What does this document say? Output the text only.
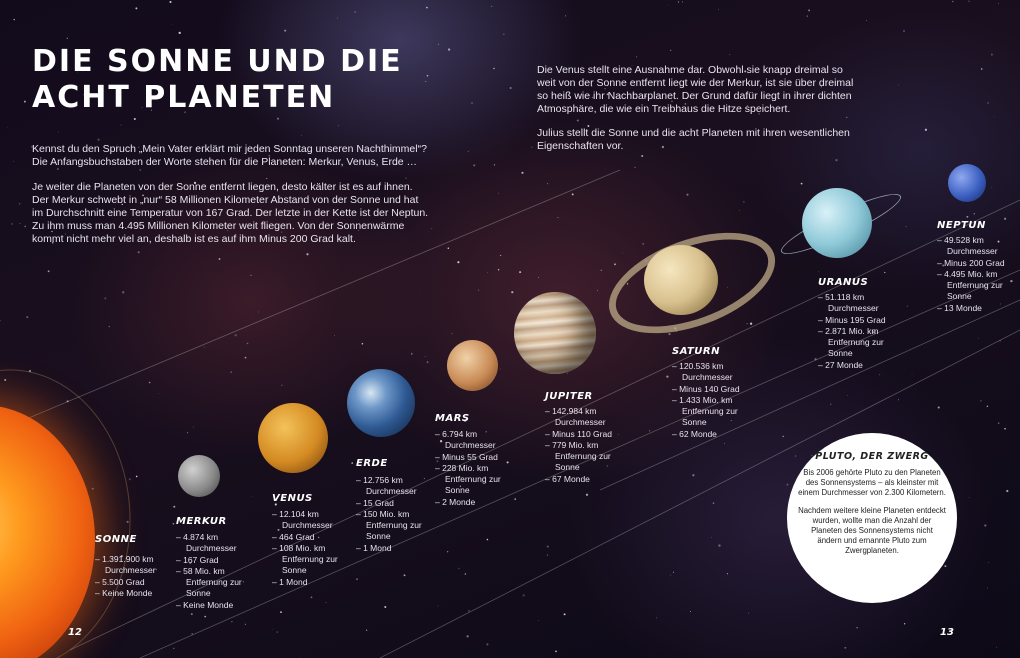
DIE SONNE UND DIE
ACHT PLANETEN

Kennst du den Spruch „Mein Vater erklärt mir jeden Sonntag unseren Nachthimmel“? Die Anfangsbuchstaben der Worte stehen für die Planeten: Merkur, Venus, Erde …

Je weiter die Planeten von der Sonne entfernt liegen, desto kälter ist es auf ihnen. Der Merkur schwebt in „nur“ 58 Millionen Kilometer Abstand von der Sonne und hat im Durchschnitt eine Temperatur von 167 Grad. Der letzte in der Kette ist der Neptun. Zu ihm muss man 4.495 Millionen Kilometer weit fliegen. Von der Sonnenwärme kommt nicht mehr viel an, deshalb ist es auf ihm Minus 200 Grad kalt.

Die Venus stellt eine Ausnahme dar. Obwohl sie knapp dreimal so weit von der Sonne entfernt liegt wie der Merkur, ist sie über dreimal so heiß wie ihr Nachbarplanet. Der Grund dafür liegt in ihrer dichten Atmosphäre, die wie ein Treibhaus die Hitze speichert.

Julius stellt die Sonne und die acht Planeten mit ihren wesentlichen Eigenschaften vor.

SONNE
– 1.391.900 km Durchmesser
– 5.500 Grad
– Keine Monde
MERKUR
– 4.874 km Durchmesser
– 167 Grad
– 58 Mio. km Entfernung zur Sonne
– Keine Monde
VENUS
– 12.104 km Durchmesser
– 464 Grad
– 108 Mio. km Entfernung zur Sonne
– 1 Mond
ERDE
– 12.756 km Durchmesser
– 15 Grad
– 150 Mio. km Entfernung zur Sonne
– 1 Mond
MARS
– 6.794 km Durchmesser
– Minus 55 Grad
– 228 Mio. km Entfernung zur Sonne
– 2 Monde
JUPITER
– 142.984 km Durchmesser
– Minus 110 Grad
– 779 Mio. km Entfernung zur Sonne
– 67 Monde
SATURN
– 120.536 km Durchmesser
– Minus 140 Grad
– 1.433 Mio. km Entfernung zur Sonne
– 62 Monde
URANUS
– 51.118 km Durchmesser
– Minus 195 Grad
– 2.871 Mio. km Entfernung zur Sonne
– 27 Monde
NEPTUN
– 49.528 km Durchmesser
– Minus 200 Grad
– 4.495 Mio. km Entfernung zur Sonne
– 13 Monde
PLUTO, DER ZWERG

Bis 2006 gehörte Pluto zu den Planeten des Sonnensystems – als kleinster mit einem Durchmesser von 2.300 Kilometern.

Nachdem weitere kleine Planeten entdeckt wurden, wollte man die Anzahl der Planeten des Sonnensystems nicht ändern und ernannte Pluto zum Zwergplaneten.

12	13
